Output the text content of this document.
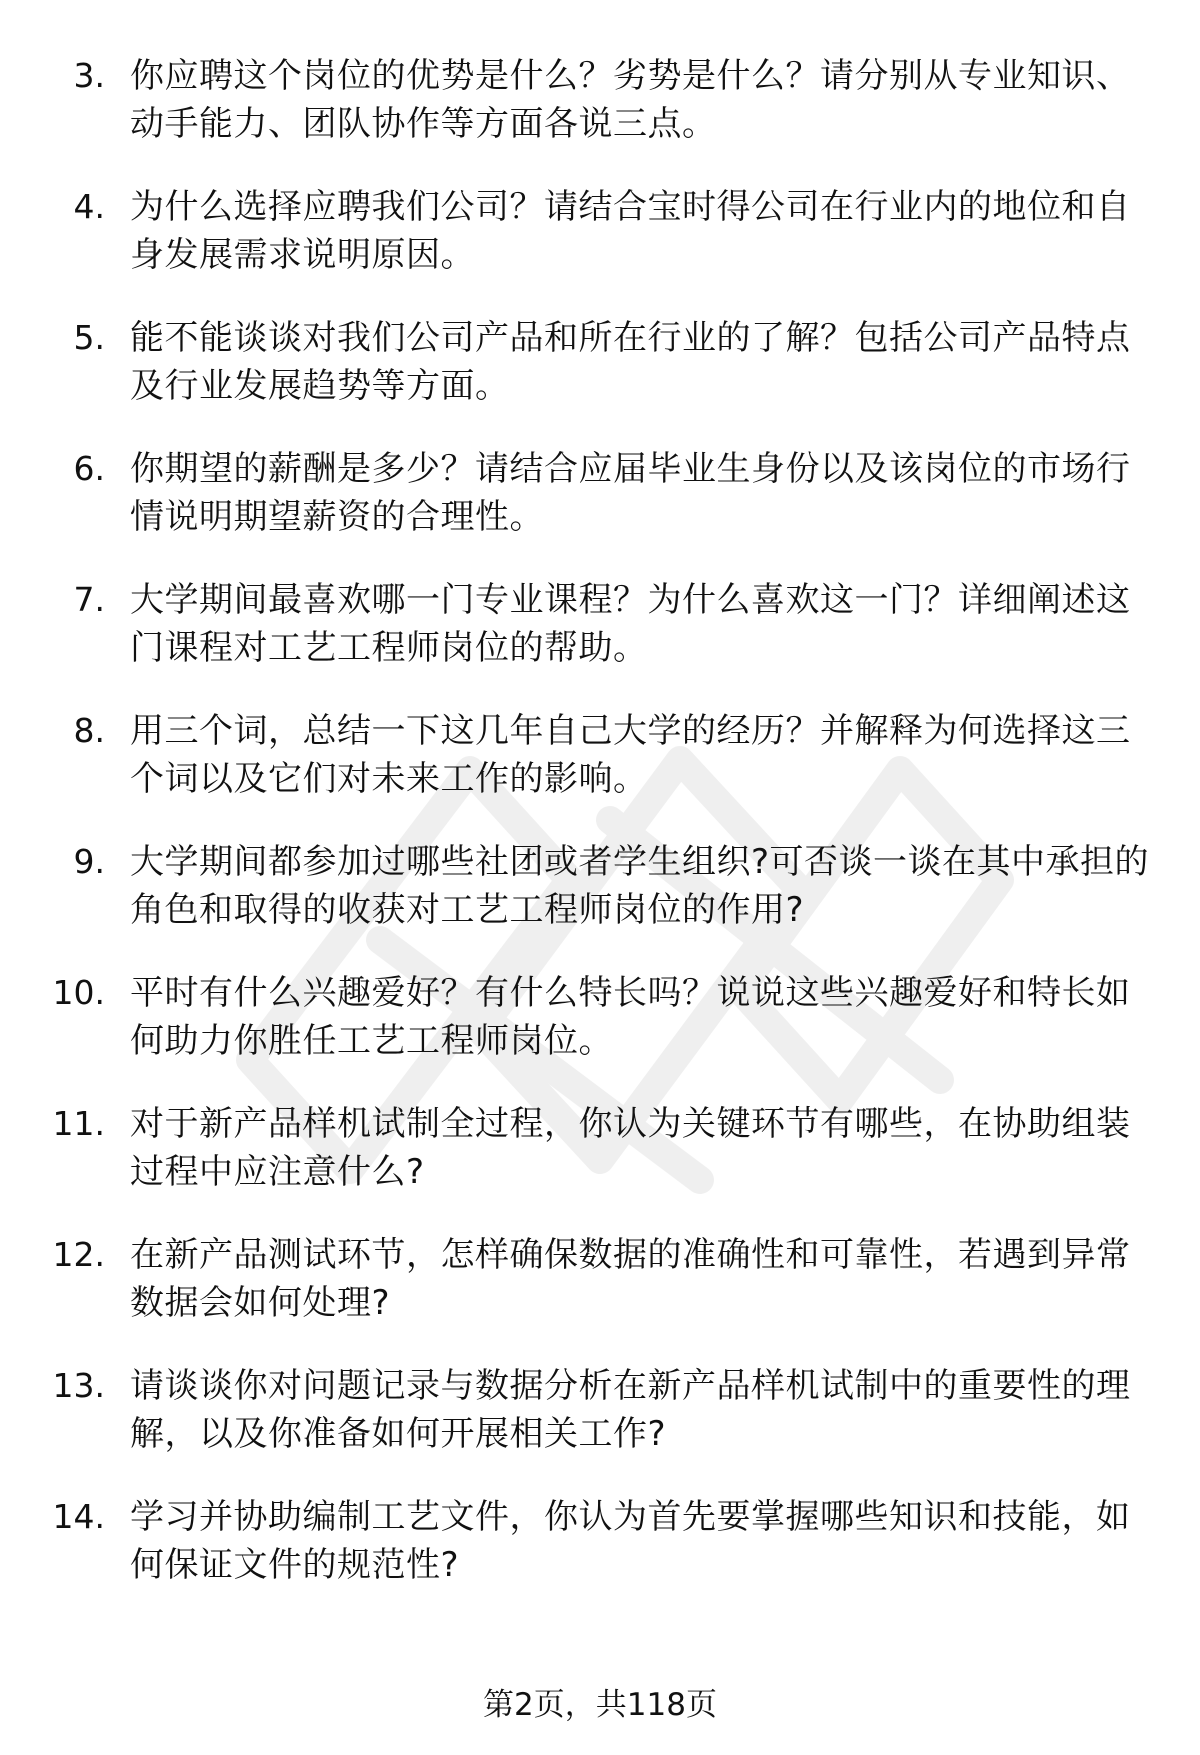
3. 你应聘这个岗位的优势是什么？劣势是什么？请分别从专业知识、动手能力、团队协作等方面各说三点。
4. 为什么选择应聘我们公司？请结合宝时得公司在行业内的地位和自身发展需求说明原因。
5. 能不能谈谈对我们公司产品和所在行业的了解？包括公司产品特点及行业发展趋势等方面。
6. 你期望的薪酬是多少？请结合应届毕业生身份以及该岗位的市场行情说明期望薪资的合理性。
7. 大学期间最喜欢哪一门专业课程？为什么喜欢这一门？详细阐述这门课程对工艺工程师岗位的帮助。
8. 用三个词，总结一下这几年自己大学的经历？并解释为何选择这三个词以及它们对未来工作的影响。
9. 大学期间都参加过哪些社团或者学生组织?可否谈一谈在其中承担的角色和取得的收获对工艺工程师岗位的作用?
10. 平时有什么兴趣爱好？有什么特长吗？说说这些兴趣爱好和特长如何助力你胜任工艺工程师岗位。
11. 对于新产品样机试制全过程，你认为关键环节有哪些，在协助组装过程中应注意什么?
12. 在新产品测试环节，怎样确保数据的准确性和可靠性，若遇到异常数据会如何处理?
13. 请谈谈你对问题记录与数据分析在新产品样机试制中的重要性的理解，以及你准备如何开展相关工作?
14. 学习并协助编制工艺文件，你认为首先要掌握哪些知识和技能，如何保证文件的规范性?
第2页，共118页
